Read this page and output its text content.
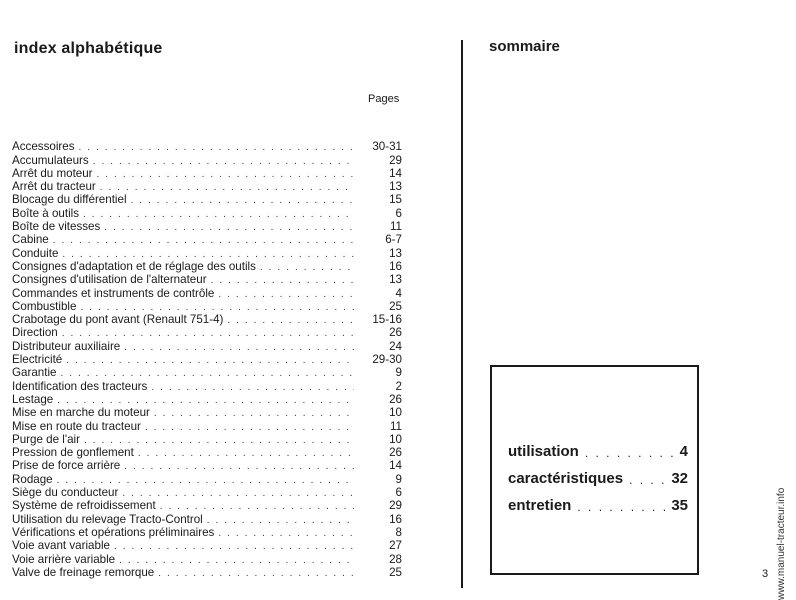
index alphabétique
Pages
Accessoires . . .	30-31
Accumulateurs . . .	29
Arrêt du moteur . . .	14
Arrêt du tracteur . . .	13
Blocage du différentiel . . .	15
Boîte à outils . . .	6
Boîte de vitesses . . .	11
Cabine . . .	6-7
Conduite . . .	13
Consignes d'adaptation et de réglage des outils . . .	16
Consignes d'utilisation de l'alternateur . . .	13
Commandes et instruments de contrôle . . .	4
Combustible . . .	25
Crabotage du pont avant (Renault 751-4) . . .	15-16
Direction . . .	26
Distributeur auxiliaire . . .	24
Electricité . . .	29-30
Garantie . . .	9
Identification des tracteurs . . .	2
Lestage . . .	26
Mise en marche du moteur . . .	10
Mise en route du tracteur . . .	11
Purge de l'air . . .	10
Pression de gonflement . . .	26
Prise de force arrière . . .	14
Rodage . . .	9
Siège du conducteur . . .	6
Système de refroidissement . . .	29
Utilisation du relevage Tracto-Control . . .	16
Vérifications et opérations préliminaires . . .	8
Voie avant variable . . .	27
Voie arrière variable . . .	28
Valve de freinage remorque . . .	25
sommaire
utilisation . . .	4
caractéristiques . . .	32
entretien . . .	35	www.manuel-tracteur.info
3
